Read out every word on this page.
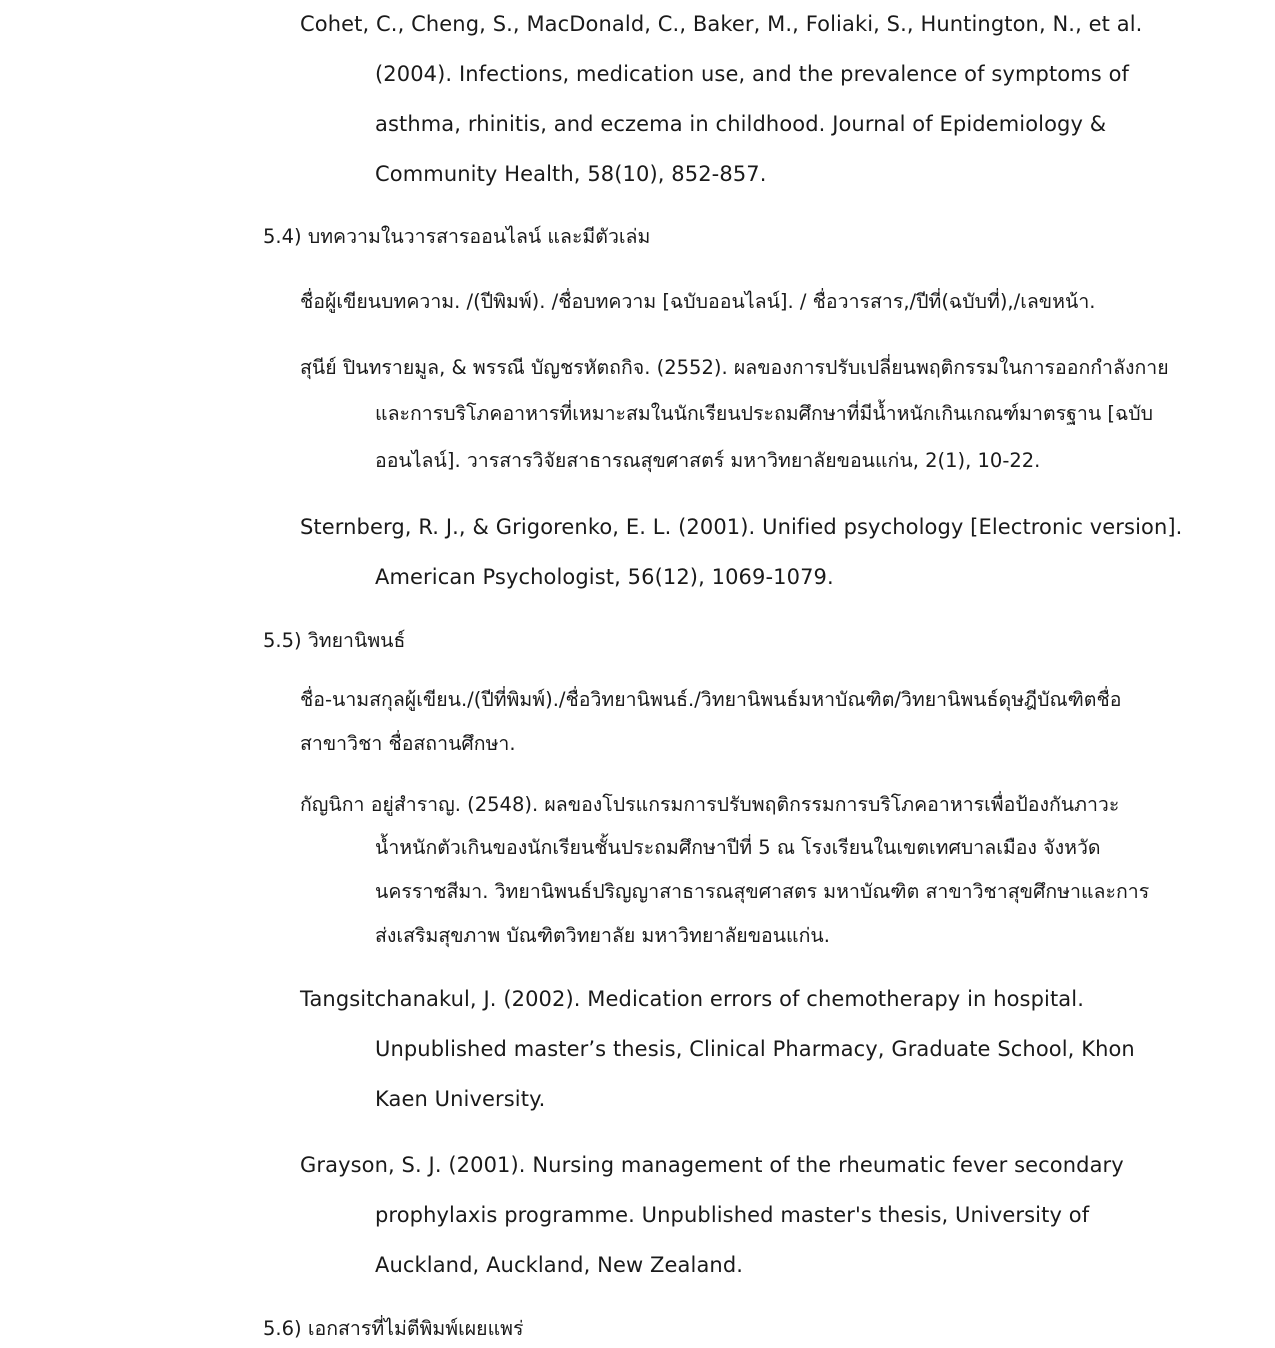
Cohet, C., Cheng, S., MacDonald, C., Baker, M., Foliaki, S., Huntington, N., et al.
(2004). Infections, medication use, and the prevalence of symptoms of
asthma, rhinitis, and eczema in childhood. Journal of Epidemiology &
Community Health, 58(10), 852-857.
5.4) บทความในวารสารออนไลน์ และมีตัวเล่ม
ชื่อผู้เขียนบทความ. /(ปีพิมพ์). /ชื่อบทความ [ฉบับออนไลน์]. / ชื่อวารสาร,/ปีที่(ฉบับที่),/เลขหน้า.
สุนีย์ ปินทรายมูล, & พรรณี บัญชรหัตถกิจ. (2552). ผลของการปรับเปลี่ยนพฤติกรรมในการออกกำลังกาย
และการบริโภคอาหารที่เหมาะสมในนักเรียนประถมศึกษาที่มีน้ำหนักเกินเกณฑ์มาตรฐาน [ฉบับ
ออนไลน์]. วารสารวิจัยสาธารณสุขศาสตร์ มหาวิทยาลัยขอนแก่น, 2(1), 10-22.
Sternberg, R. J., & Grigorenko, E. L. (2001). Unified psychology [Electronic version].
American Psychologist, 56(12), 1069-1079.
5.5) วิทยานิพนธ์
ชื่อ-นามสกุลผู้เขียน./(ปีที่พิมพ์)./ชื่อวิทยานิพนธ์./วิทยานิพนธ์มหาบัณฑิต/วิทยานิพนธ์ดุษฎีบัณฑิตชื่อ
สาขาวิชา ชื่อสถานศึกษา.
กัญนิกา อยู่สำราญ. (2548). ผลของโปรแกรมการปรับพฤติกรรมการบริโภคอาหารเพื่อป้องกันภาวะ
น้ำหนักตัวเกินของนักเรียนชั้นประถมศึกษาปีที่ 5 ณ โรงเรียนในเขตเทศบาลเมือง จังหวัด
นครราชสีมา. วิทยานิพนธ์ปริญญาสาธารณสุขศาสตร มหาบัณฑิต สาขาวิชาสุขศึกษาและการ
ส่งเสริมสุขภาพ บัณฑิตวิทยาลัย มหาวิทยาลัยขอนแก่น.
Tangsitchanakul, J. (2002). Medication errors of chemotherapy in hospital.
Unpublished master’s thesis, Clinical Pharmacy, Graduate School, Khon
Kaen University.
Grayson, S. J. (2001). Nursing management of the rheumatic fever secondary
prophylaxis programme. Unpublished master's thesis, University of
Auckland, Auckland, New Zealand.
5.6) เอกสารที่ไม่ตีพิมพ์เผยแพร่
